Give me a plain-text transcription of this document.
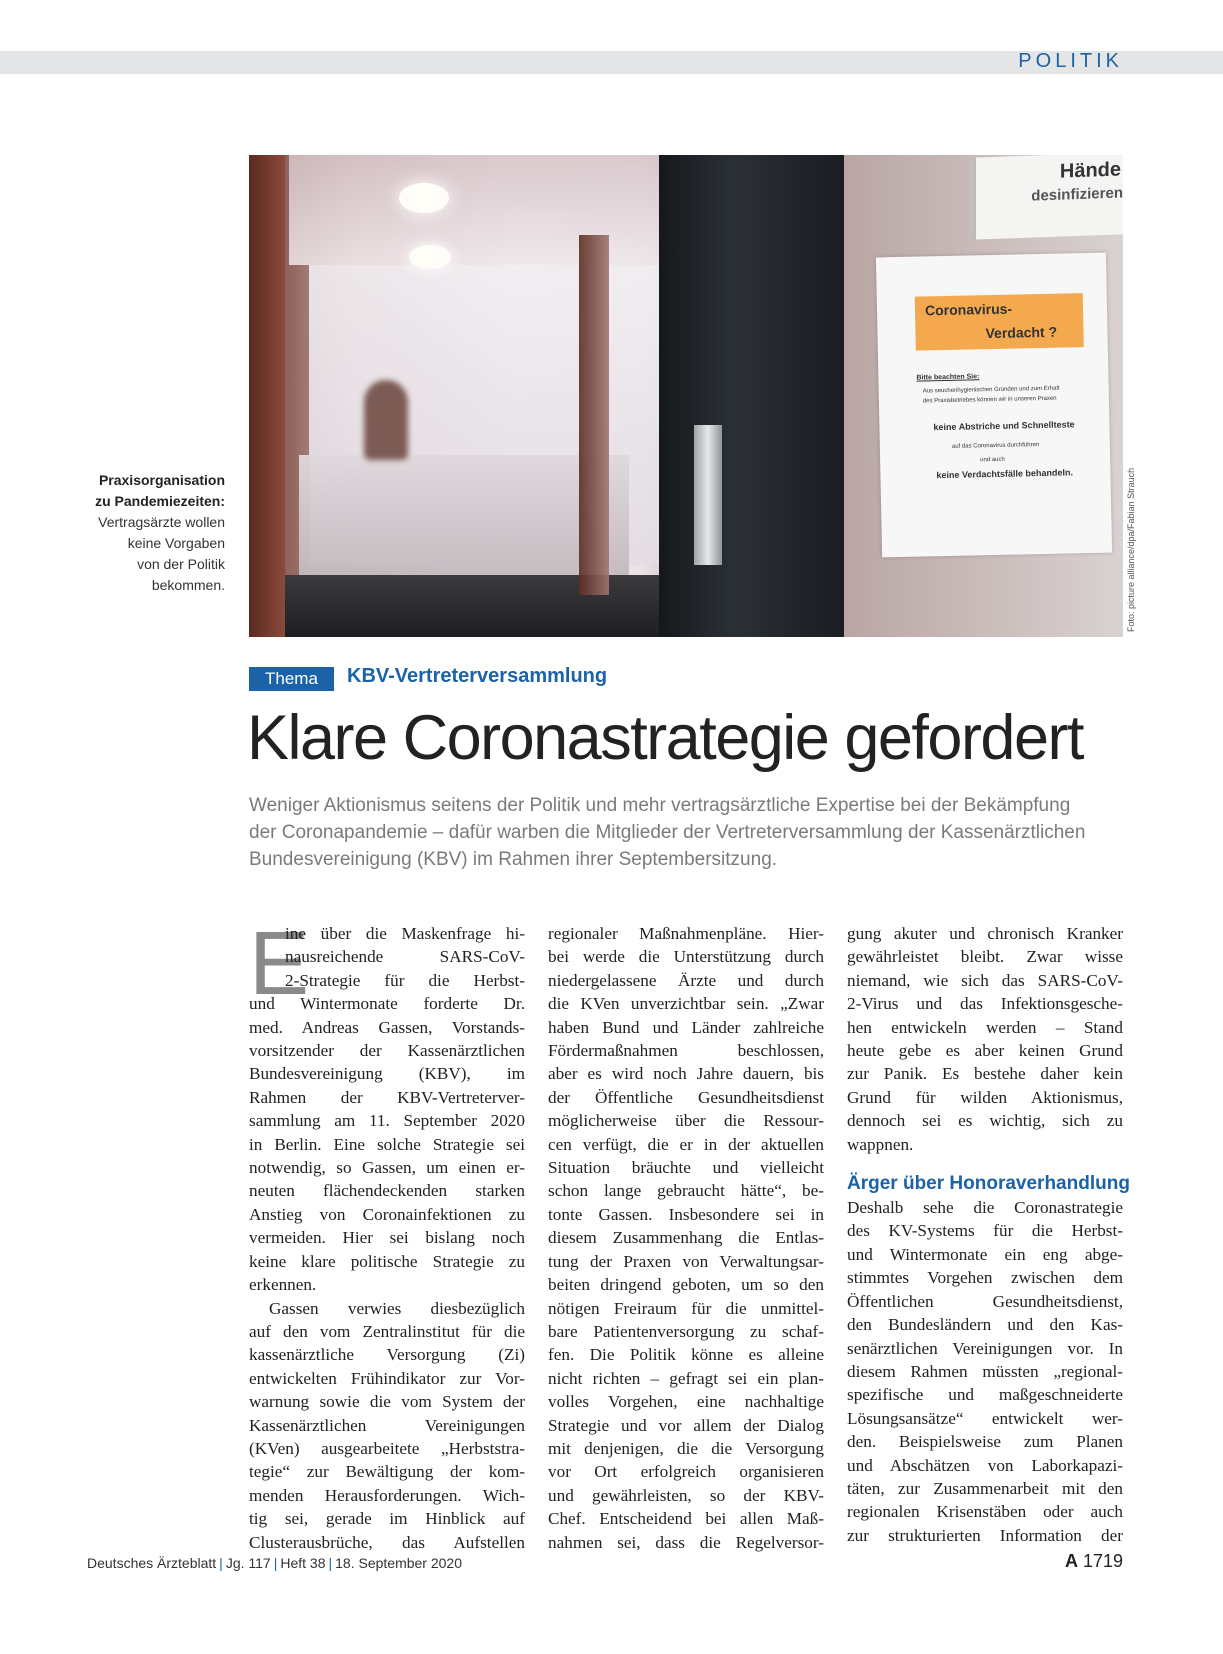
POLITIK
Hände
desinfizieren
Coronavirus-
Verdacht ?
Bitte beachten Sie:
Aus seuchenhygienischen Gründen und zum Erhalt
des Praxisbetriebes können wir in unseren Praxen
keine Abstriche und Schnellteste
auf das Coronavirus durchführen
und auch
keine Verdachtsfälle behandeln.	Foto: picture alliance/dpa/Fabian Strauch
Praxisorganisation
zu Pandemiezeiten:
Vertragsärzte wollen
keine Vorgaben
von der Politik
bekommen.
Thema	KBV-Vertreterversammlung
Klare Coronastrategie gefordert
Weniger Aktionismus seitens der Politik und mehr vertragsärztliche Expertise bei der Bekämpfung
der Coronapandemie – dafür warben die Mitglieder der Vertreterversammlung der Kassenärztlichen
Bundesvereinigung (KBV) im Rahmen ihrer Septembersitzung.
E
ine über die Maskenfrage hi-
nausreichende SARS-CoV-
2-Strategie für die Herbst-
und Wintermonate forderte Dr.
med. Andreas Gassen, Vorstands-
vorsitzender der Kassenärztlichen
Bundesvereinigung (KBV), im
Rahmen der KBV-Vertreterver-
sammlung am 11. September 2020
in Berlin. Eine solche Strategie sei
notwendig, so Gassen, um einen er-
neuten flächendeckenden starken
Anstieg von Coronainfektionen zu
vermeiden. Hier sei bislang noch
keine klare politische Strategie zu
erkennen.
Gassen verwies diesbezüglich
auf den vom Zentralinstitut für die
kassenärztliche Versorgung (Zi)
entwickelten Frühindikator zur Vor-
warnung sowie die vom System der
Kassenärztlichen Vereinigungen
(KVen) ausgearbeitete „Herbststra-
tegie“ zur Bewältigung der kom-
menden Herausforderungen. Wich-
tig sei, gerade im Hinblick auf
Clusterausbrüche, das Aufstellen
regionaler Maßnahmenpläne. Hier-
bei werde die Unterstützung durch
niedergelassene Ärzte und durch
die KVen unverzichtbar sein. „Zwar
haben Bund und Länder zahlreiche
Fördermaßnahmen beschlossen,
aber es wird noch Jahre dauern, bis
der Öffentliche Gesundheitsdienst
möglicherweise über die Ressour-
cen verfügt, die er in der aktuellen
Situation bräuchte und vielleicht
schon lange gebraucht hätte“, be-
tonte Gassen. Insbesondere sei in
diesem Zusammenhang die Entlas-
tung der Praxen von Verwaltungsar-
beiten dringend geboten, um so den
nötigen Freiraum für die unmittel-
bare Patientenversorgung zu schaf-
fen. Die Politik könne es alleine
nicht richten – gefragt sei ein plan-
volles Vorgehen, eine nachhaltige
Strategie und vor allem der Dialog
mit denjenigen, die die Versorgung
vor Ort erfolgreich organisieren
und gewährleisten, so der KBV-
Chef. Entscheidend bei allen Maß-
nahmen sei, dass die Regelversor-
gung akuter und chronisch Kranker
gewährleistet bleibt. Zwar wisse
niemand, wie sich das SARS-CoV-
2-Virus und das Infektionsgesche-
hen entwickeln werden – Stand
heute gebe es aber keinen Grund
zur Panik. Es bestehe daher kein
Grund für wilden Aktionismus,
dennoch sei es wichtig, sich zu
wappnen.
Ärger über Honoraverhandlung
Deshalb sehe die Coronastrategie
des KV-Systems für die Herbst-
und Wintermonate ein eng abge-
stimmtes Vorgehen zwischen dem
Öffentlichen Gesundheitsdienst,
den Bundesländern und den Kas-
senärztlichen Vereinigungen vor. In
diesem Rahmen müssten „regional-
spezifische und maßgeschneiderte
Lösungsansätze“ entwickelt wer-
den. Beispielsweise zum Planen
und Abschätzen von Laborkapazi-
täten, zur Zusammenarbeit mit den
regionalen Krisenstäben oder auch
zur strukturierten Information der
Deutsches Ärzteblatt | Jg. 117 | Heft 38 | 18. September 2020	A 1719
